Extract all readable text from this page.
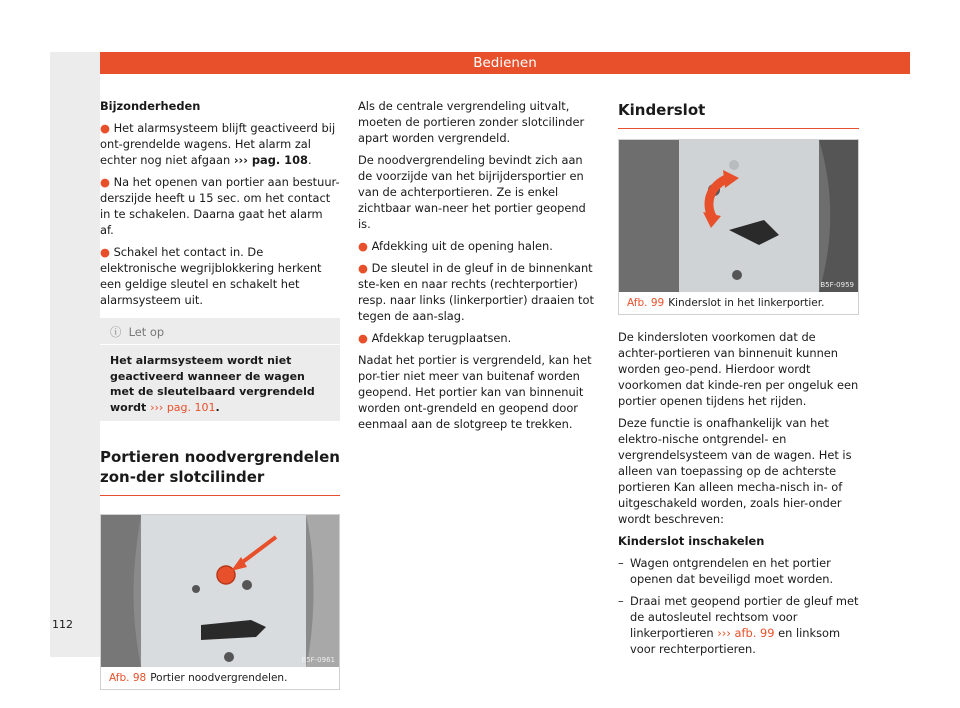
Bedienen

Bijzonderheden

● Het alarmsysteem blijft geactiveerd bij ont-grendelde wagens. Het alarm zal echter nog niet afgaan ››› pag. 108.

● Na het openen van portier aan bestuur-derszijde heeft u 15 sec. om het contact in te schakelen. Daarna gaat het alarm af.

● Schakel het contact in. De elektronische wegrijblokkering herkent een geldige sleutel en schakelt het alarmsysteem uit.

ⓘ Let op
Het alarmsysteem wordt niet geactiveerd wanneer de wagen met de sleutelbaard vergrendeld wordt ››› pag. 101.
Portieren noodvergrendelen zon-der slotcilinder
B5F-0961
Afb. 98 Portier noodvergrendelen.

Als de centrale vergrendeling uitvalt, moeten de portieren zonder slotcilinder apart worden vergrendeld.

De noodvergrendeling bevindt zich aan de voorzijde van het bijrijdersportier en van de achterportieren. Ze is enkel zichtbaar wan-neer het portier geopend is.

● Afdekking uit de opening halen.

● De sleutel in de gleuf in de binnenkant ste-ken en naar rechts (rechterportier) resp. naar links (linkerportier) draaien tot tegen de aan-slag.

● Afdekkap terugplaatsen.

Nadat het portier is vergrendeld, kan het por-tier niet meer van buitenaf worden geopend. Het portier kan van binnenuit worden ont-grendeld en geopend door eenmaal aan de slotgreep te trekken.

Kinderslot
B5F-0959
Afb. 99 Kinderslot in het linkerportier.

De kindersloten voorkomen dat de achter-portieren van binnenuit kunnen worden geo-pend. Hierdoor wordt voorkomen dat kinde-ren per ongeluk een portier openen tijdens het rijden.

Deze functie is onafhankelijk van het elektro-nische ontgrendel- en vergrendelsysteem van de wagen. Het is alleen van toepassing op de achterste portieren Kan alleen mecha-nisch in- of uitgeschakeld worden, zoals hier-onder wordt beschreven:

Kinderslot inschakelen

– Wagen ontgrendelen en het portier openen dat beveiligd moet worden.

– Draai met geopend portier de gleuf met de autosleutel rechtsom voor linkerportieren ››› afb. 99 en linksom voor rechterportieren.

112
